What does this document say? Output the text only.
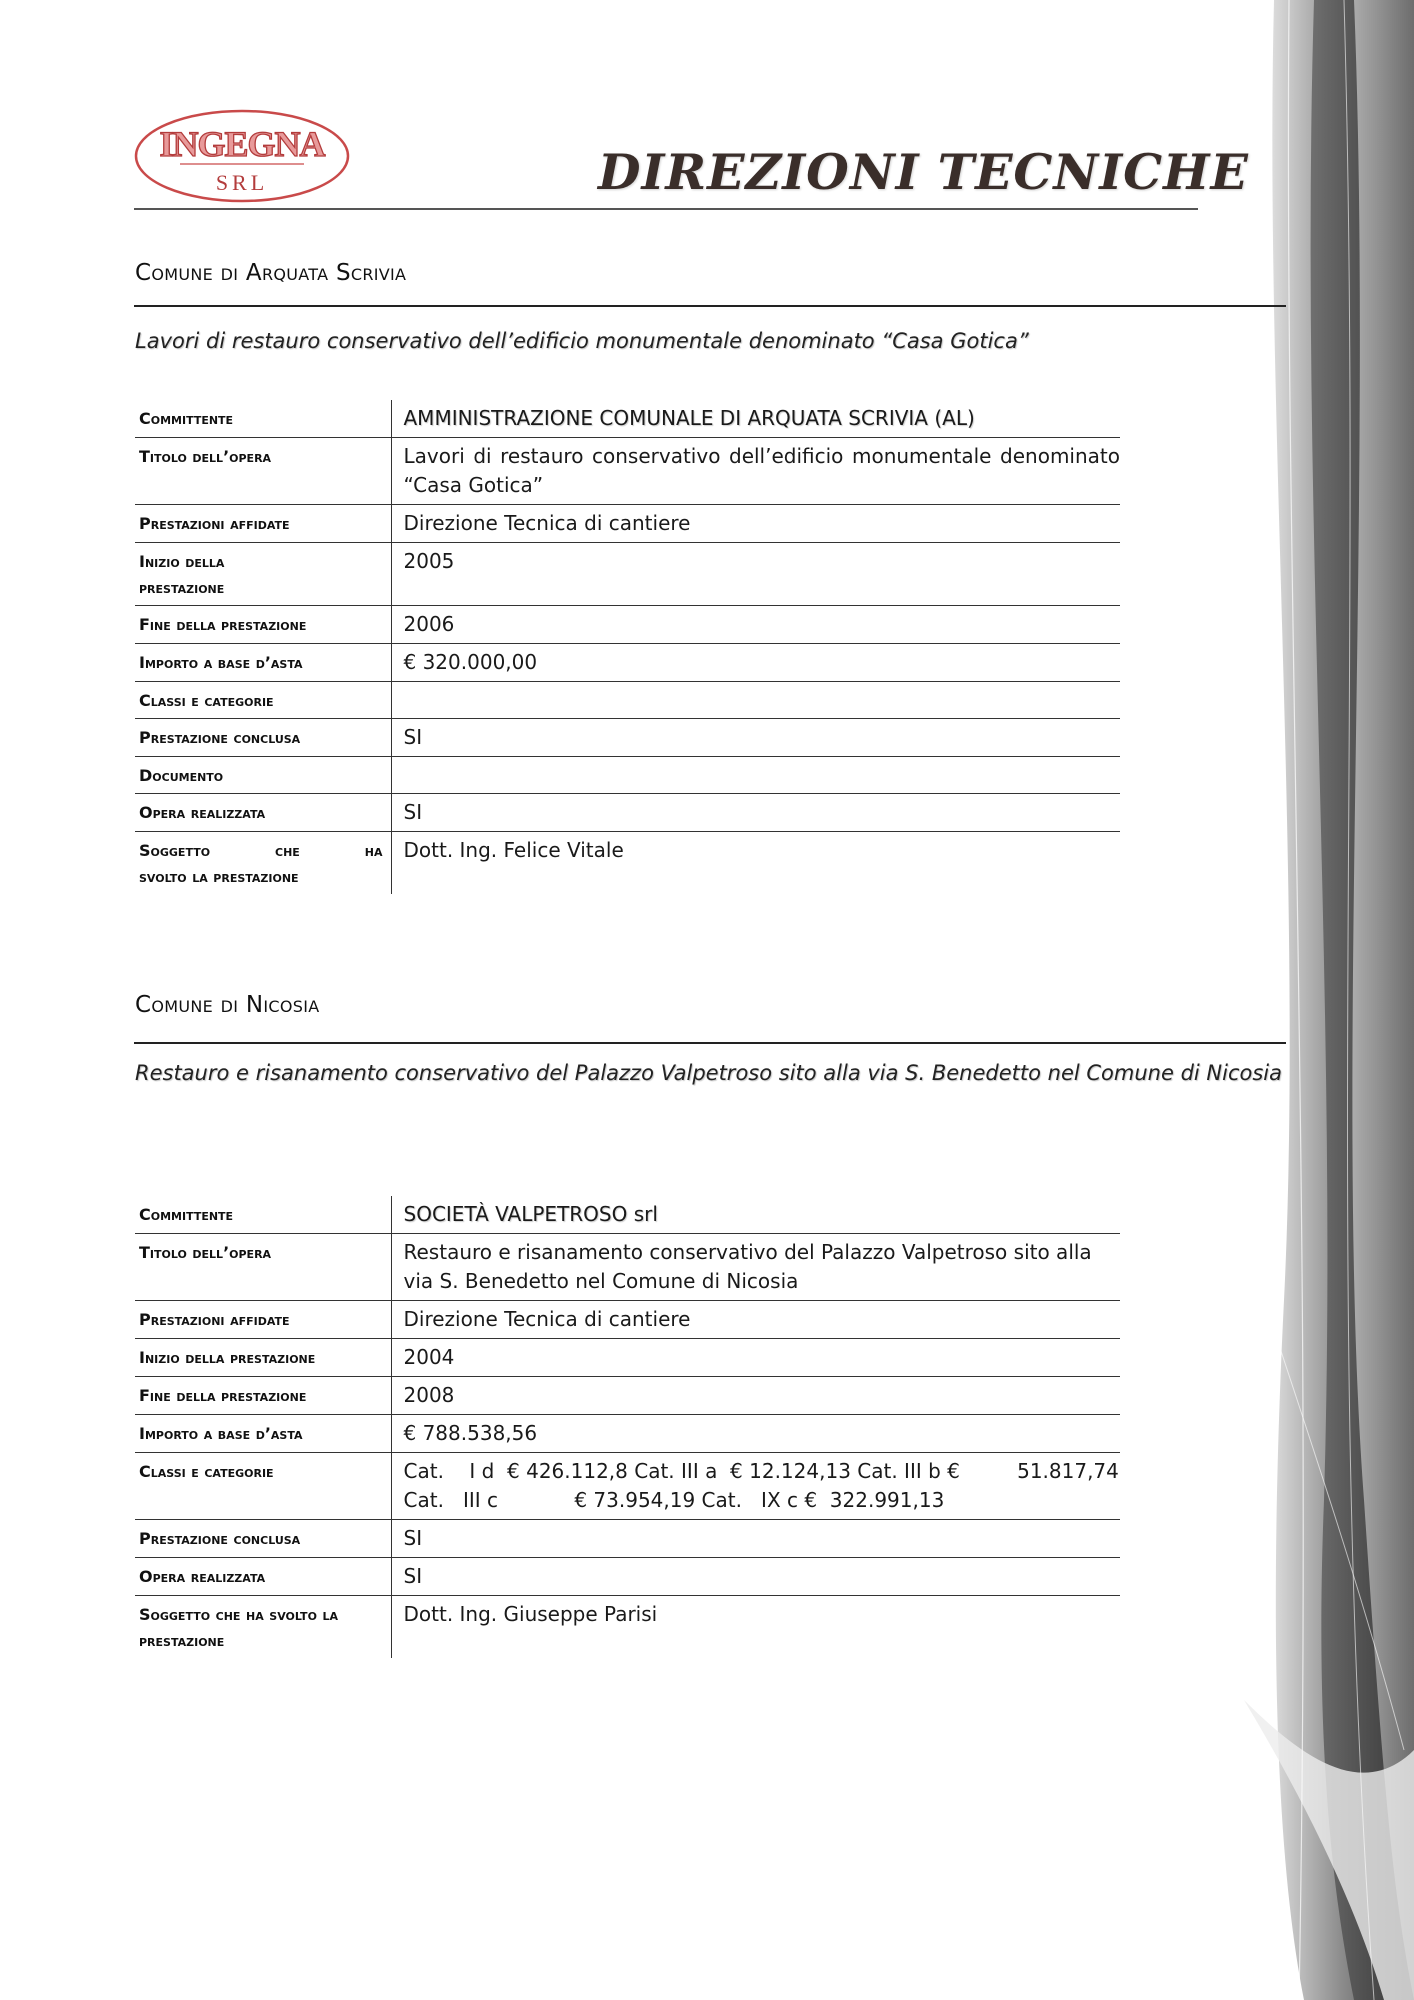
INGEGNA
SRL	DIREZIONI TECNICHE
Comune di Arquata Scrivia
Lavori di restauro conservativo dell’edificio monumentale denominato “Casa Gotica”
Committente	AMMINISTRAZIONE COMUNALE DI ARQUATA SCRIVIA (AL)
Titolo dell’opera	Lavori di restauro conservativo dell’edificio monumentale denominato “Casa Gotica”
Prestazioni affidate	Direzione Tecnica di cantiere
Inizio della prestazione	2005
Fine della prestazione	2006
Importo a base d’asta	€ 320.000,00
Classi e categorie	
Prestazione conclusa	SI
Documento	
Opera realizzata	SI

Soggetto che ha
svolto la prestazione	Dott. Ing. Felice Vitale
Comune di Nicosia
Restauro e risanamento conservativo del Palazzo Valpetroso sito alla via S. Benedetto nel Comune di Nicosia
Committente	SOCIETÀ VALPETROSO srl
Titolo dell’opera	Restauro e risanamento conservativo del Palazzo Valpetroso sito alla via S. Benedetto nel Comune di Nicosia
Prestazioni affidate	Direzione Tecnica di cantiere
Inizio della prestazione	2004
Fine della prestazione	2008
Importo a base d’asta	€ 788.538,56
Classi e categorie	Cat.    I d  € 426.112,8 Cat. III a  € 12.124,13 Cat. III b €         51.817,74
Cat.   III c            € 73.954,19 Cat.   IX c €  322.991,13

Prestazione conclusa	SI
Opera realizzata	SI
Soggetto che ha svolto la prestazione	Dott. Ing. Giuseppe Parisi
